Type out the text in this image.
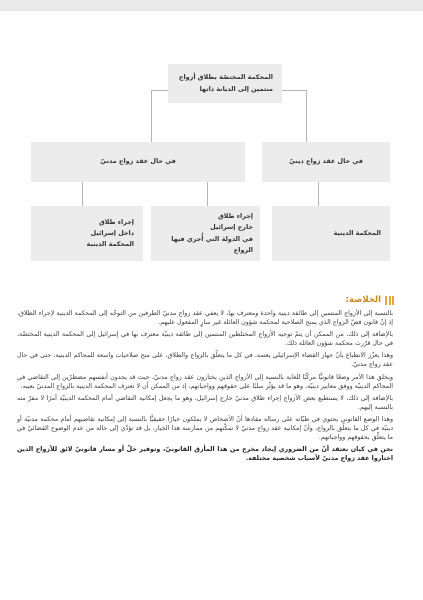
المحكمة المختصّة بطلاق أزواج
منتمين إلى الديانة ذاتها
في حال عقد زواج مدنيّ	في حال عقد زواج دينيّ
إجراء طلاق
داخل إسرائيل
المحكمة الدينية
إجراء طلاق
خارج إسرائيل
في الدولة التي أُجري فيها الزواج
المحكمة الدينية
الخلاصة:

بالنسبة إلى الأزواج المنتمين إلى طائفة دينية واحدة ومعترف بها، لا يعفي عقد زواج مدنيّ الطرفين من التوجّه إلى المحكمة الدينية لإجراء الطلاق، إذ إنّ قانون فضّ الزواج الذي يمنح الصلاحية لمحكمة شؤون العائلة غير سارٍ المفعول عليهم.

بالإضافة إلى ذلك، من الممكن أن يتمّ توجيه الأزواج المختلطين المنتمين إلى طائفة دينيّة معترف بها في إسرائيل إلى المحكمة الدينية المختصّة، في حال قرّرت محكمة شؤون العائلة ذلك.

وهذا يعزّز الانطباع بأنّ جهاز القضاء الإسرائيلي يعتمد، في كل ما يتعلّق بالزواج والطلاق، على منح صلاحيات واسعة للمحاكم الدينية، حتى في حال عقد زواج مدنيّ.

ويخلق هذا الأمر وضعًا قانونيًّا مركّبًا للغاية بالنسبة إلى الأزواج الذين يختارون عقد زواج مدنيّ، حيث قد يجدون أنفسهم مضطرّين إلى التقاضي في المحاكم الدينيّة ووفق معايير دينيّة، وهو ما قد يؤثّر سلبًا على حقوقهم وواجباتهم، إذ من الممكن أن لا تعترف المحكمة الدينية بالزواج المدنيّ بعينه.

بالإضافة إلى ذلك، لا يستطيع بعض الأزواج إجراء طلاق مدنيّ خارج إسرائيل، وهو ما يجعل إمكانية التقاضي أمام المحكمة الدينيّة أمرًا لا مفرّ منه بالنسبة إليهم.

وهذا الوضع القانوني يحتوي في طيّاته على رسالة مفادها أنّ الأشخاص لا يملكون خيارًا حقيقيًّا بالنسبة إلى إمكانية تقاضيهم أمام محكمة مدنيّة أو دينيّة في كل ما يتعلّق بالزواج، وأنّ إمكانية عقد زواج مدنيّ لا تمكّنهم من ممارسة هذا الخيار، بل قد تؤدّي إلى حالة من عدم الوضوح القضائيّ في ما يتعلّق بحقوقهم وواجباتهم.

نحن في كيان نعتقد أنّ من الضروري إيجاد مخرج من هذا المأزق القانونيّ، وتوفير حلّ أو مسار قانونيّ لائق للأزواج الذين اختاروا عقد زواج مدنيّ لأسباب شخصية مختلفة.
